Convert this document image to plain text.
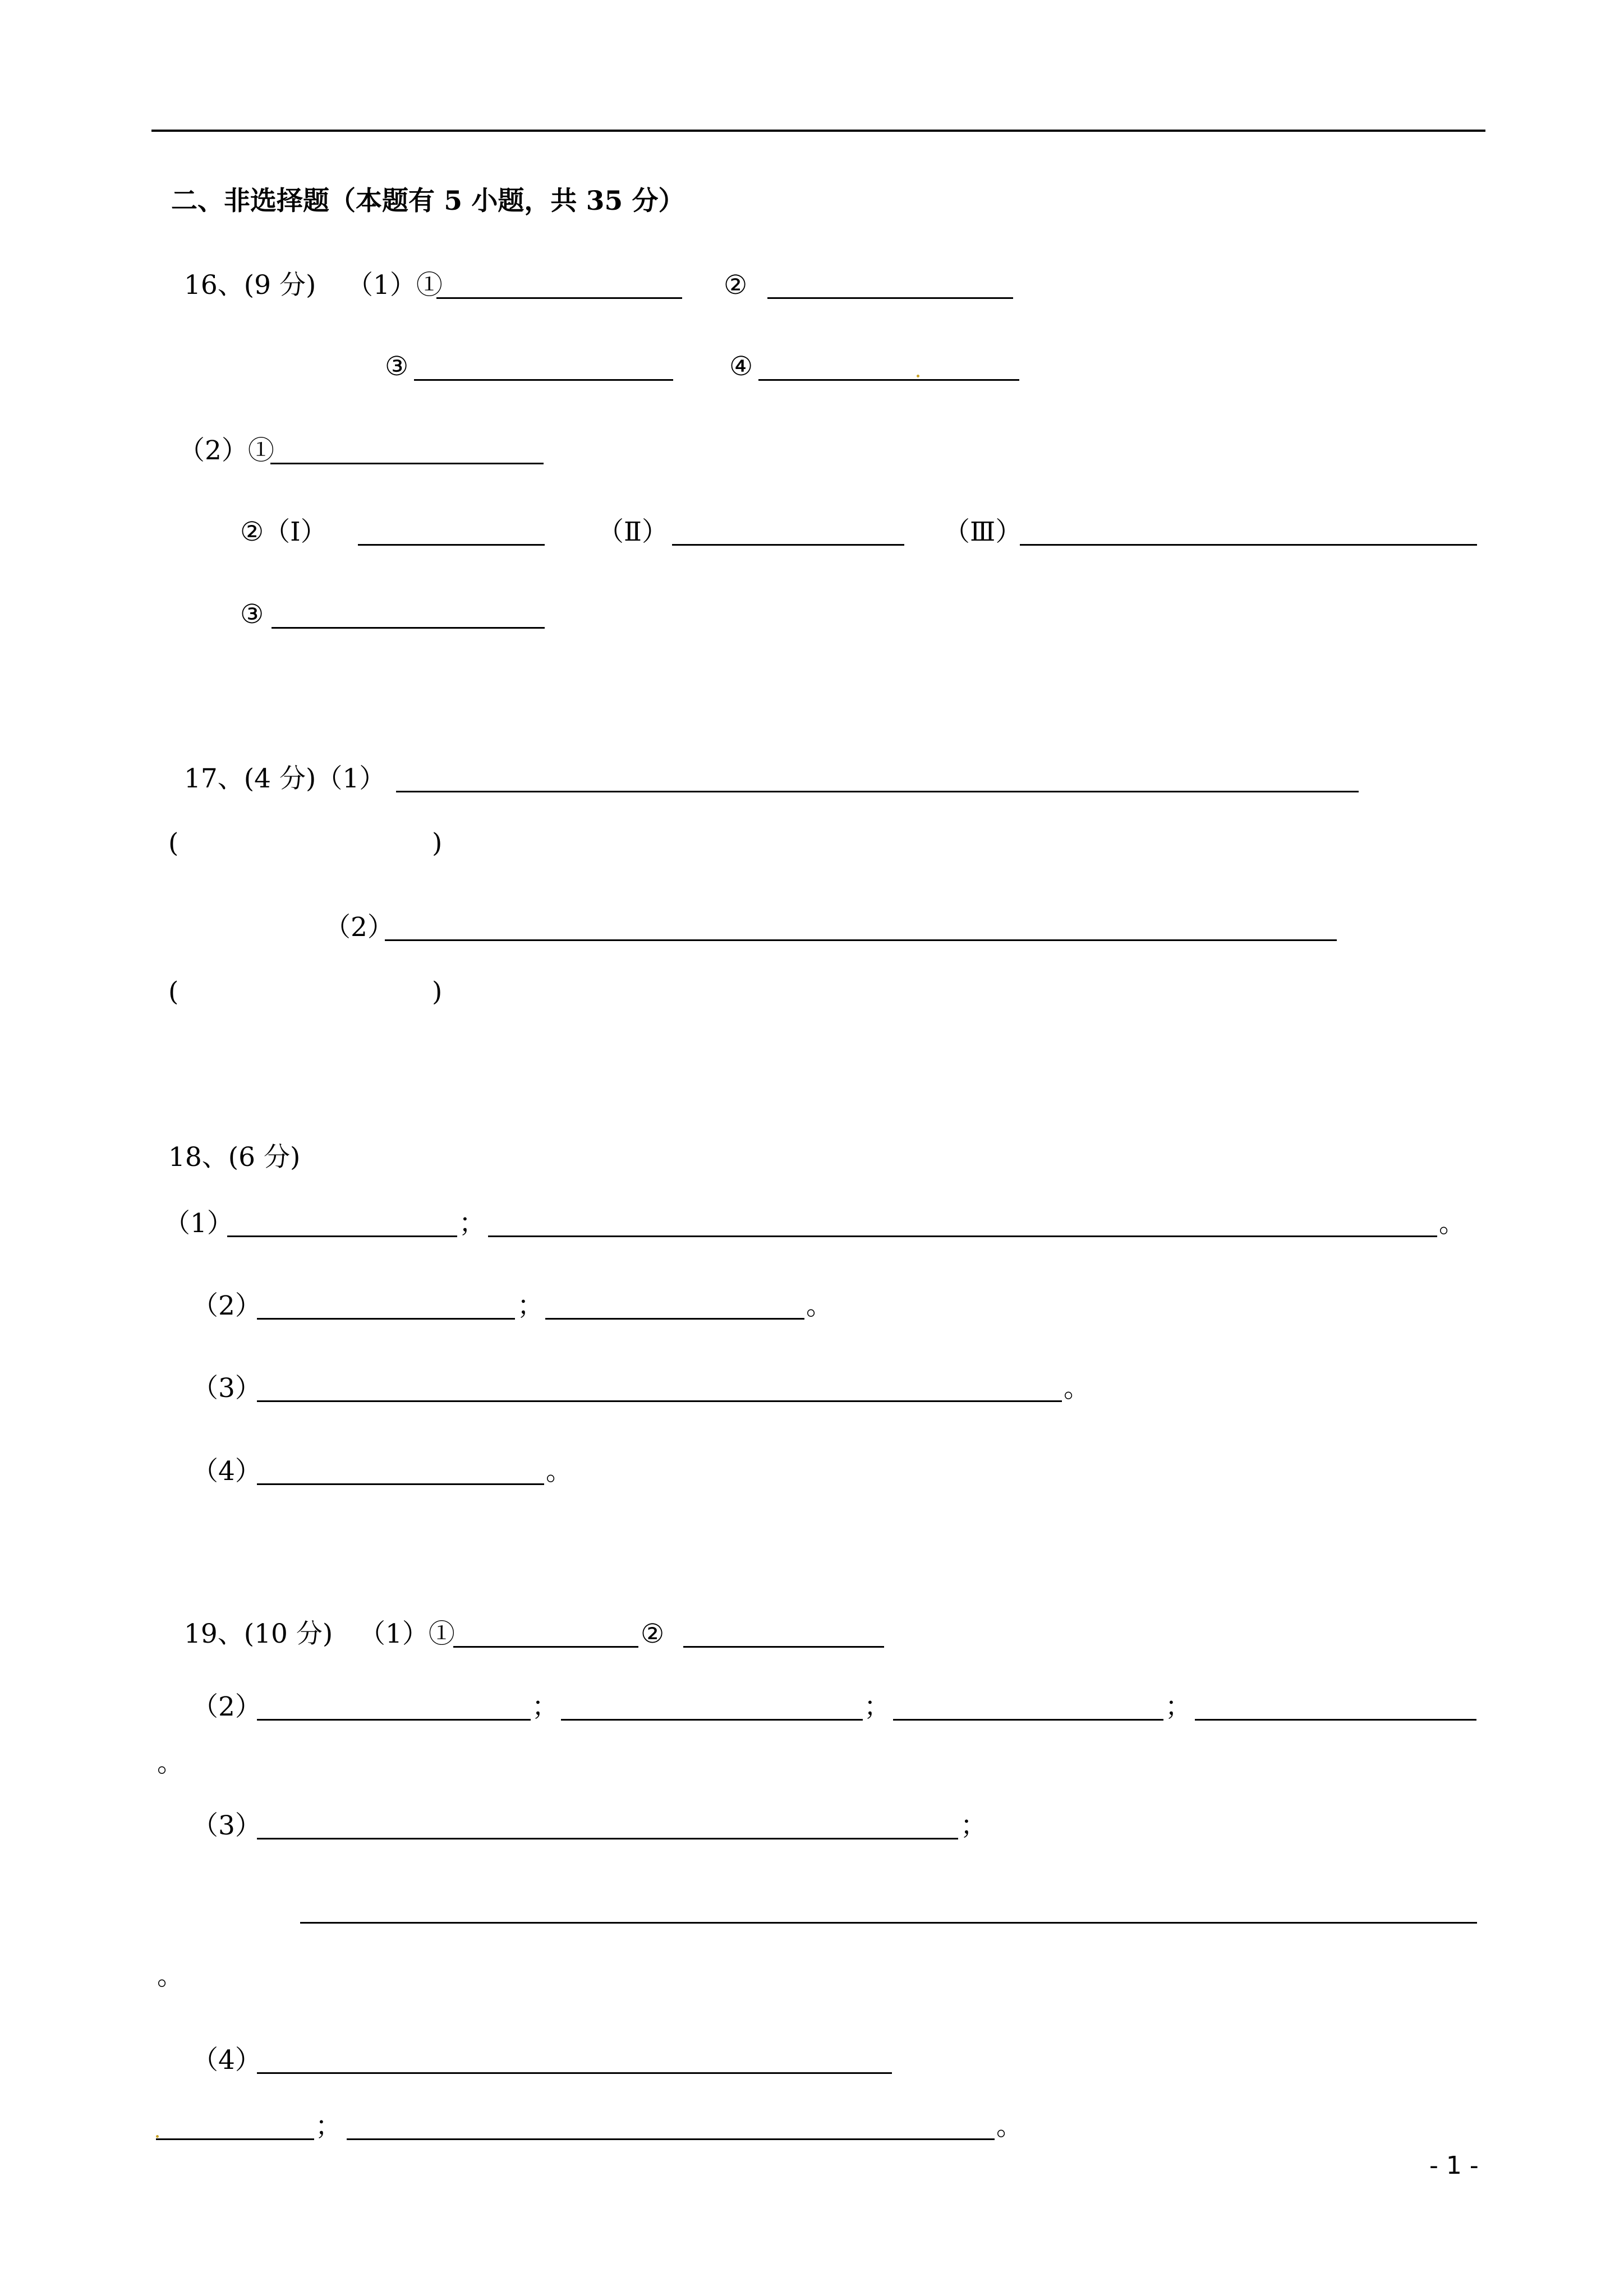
二、非选择题（本题有 5 小题，共 35 分）
16、(9 分) （1）①	②
③	④
（2）①
②（Ⅰ）	（Ⅱ）	（Ⅲ）
③
17、(4 分)（1）
(	)
（2）
(	)
18、(6 分)
（1）	；	。
（2）	；	。
（3）	。
（4）	。
19、(10 分) （1）①	②
（2）	；	；	；
。
（3）	；
。
（4）
；	。
- 1 -
